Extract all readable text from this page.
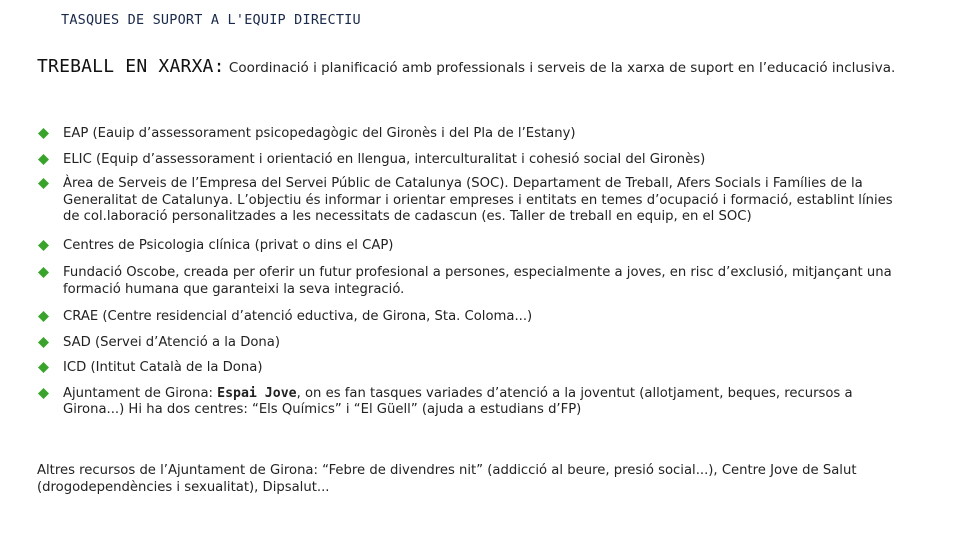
TASQUES DE SUPORT A L'EQUIP DIRECTIU
TREBALL EN XARXA: Coordinació i planificació amb professionals i serveis de la xarxa de suport en l’educació inclusiva.
EAP (Eauip d’assessorament psicopedagògic del Gironès i del Pla de l’Estany)
ELIC (Equip d’assessorament i orientació en llengua, interculturalitat i cohesió social del Gironès)
Àrea de Serveis de l’Empresa del Servei Públic de Catalunya (SOC). Departament de Treball, Afers Socials i Famílies de la Generalitat de Catalunya. L’objectiu és informar i orientar empreses i entitats en temes d’ocupació i formació, establint línies de col.laboració personalitzades a les necessitats de cadascun (es. Taller de treball en equip, en el SOC)
Centres de Psicologia clínica (privat o dins el CAP)
Fundació Oscobe, creada per oferir un futur profesional a persones, especialmente a joves, en risc d’exclusió, mitjançant una formació humana que garanteixi la seva integració.
CRAE (Centre residencial d’atenció eductiva, de Girona, Sta. Coloma...)
SAD (Servei d’Atenció a la Dona)
ICD (Intitut Català de la Dona)
Ajuntament de Girona: Espai Jove, on es fan tasques variades d’atenció a la joventut (allotjament, beques, recursos a Girona...) Hi ha dos centres: “Els Químics” i “El Güell” (ajuda a estudians d’FP)
Altres recursos de l’Ajuntament de Girona: “Febre de divendres nit” (addicció al beure, presió social...), Centre Jove de Salut (drogodependències i sexualitat), Dipsalut...
